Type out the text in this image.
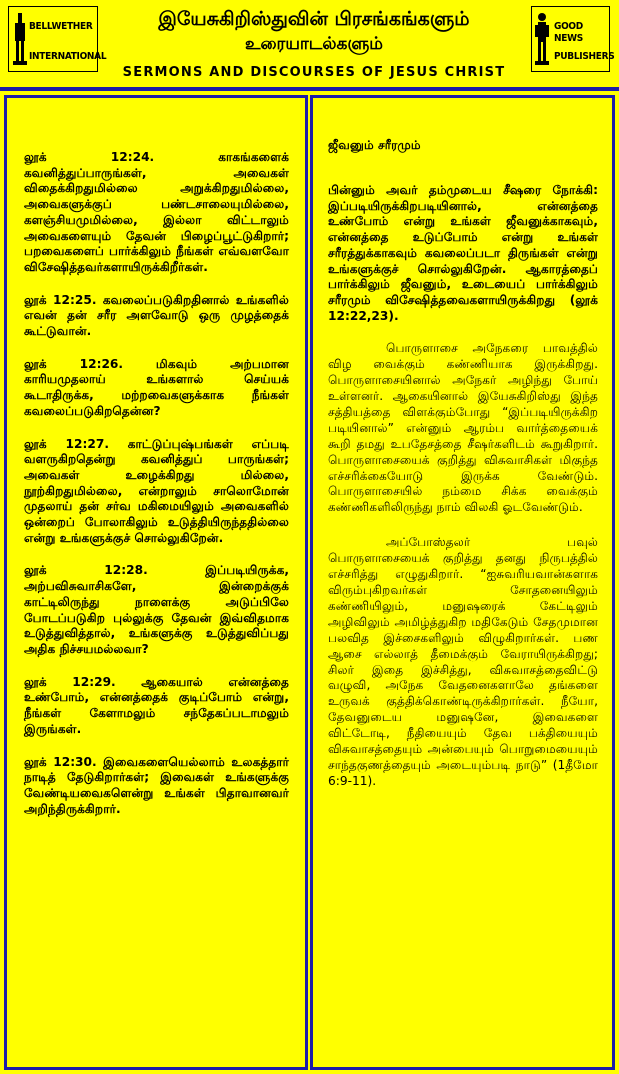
BELLWETHER
INTERNATIONAL
இயேசுகிறிஸ்துவின் பிரசங்கங்களும்
உரையாடல்களும்
SERMONS AND DISCOURSES OF JESUS CHRIST
GOOD NEWS
PUBLISHERS

லூக் 12:24. காகங்களைக் கவனித்துப்பாருங்கள், அவைகள் விதைக்கிறதுமில்லை அறுக்கிறதுமில்லை, அவைகளுக்குப் பண்டசாலையுமில்லை, களஞ்சியமுமில்லை, இல்லா விட்டாலும் அவைகளையும் தேவன் பிழைப்பூட்டுகிறார்; பறவைகளைப் பார்க்கிலும் நீங்கள் எவ்வளவோ விசேஷித்தவர்களாயிருக்கிறீர்கள்.

லூக் 12:25. கவலைப்படுகிறதினால் உங்களில் எவன் தன் சரீர அளவோடு ஒரு முழத்தைக் கூட்டுவான்.

லூக் 12:26. மிகவும் அற்பமான காரியமுதலாய் உங்களால் செய்யக் கூடாதிருக்க, மற்றவைகளுக்காக நீங்கள் கவலைப்படுகிறதென்ன?

லூக் 12:27. காட்டுப்புஷ்பங்கள் எப்படி வளருகிறதென்று கவனித்துப் பாருங்கள்; அவைகள் உழைக்கிறது மில்லை, நூற்கிறதுமில்லை, என்றாலும் சாலொமோன் முதலாய் தன் சர்வ மகிமையிலும் அவைகளில் ஒன்றைப் போலாகிலும் உடுத்தியிருந்ததில்லை என்று உங்களுக்குச் சொல்லுகிறேன்.

லூக் 12:28. இப்படியிருக்க, அற்பவிசுவாசிகளே, இன்றைக்குக் காட்டிலிருந்து நாளைக்கு அடுப்பிலே போடப்படுகிற புல்லுக்கு தேவன் இவ்விதமாக உடுத்துவித்தால், உங்களுக்கு உடுத்துவிப்பது அதிக நிச்சயமல்லவா?

லூக் 12:29. ஆகையால் என்னத்தை உண்போம், என்னத்தைக் குடிப்போம் என்று, நீங்கள் கேளாமலும் சந்தேகப்படாமலும் இருங்கள்.

லூக் 12:30. இவைகளையெல்லாம் உலகத்தார் நாடித் தேடுகிறார்கள்; இவைகள் உங்களுக்கு வேண்டியவைகளென்று உங்கள் பிதாவானவர் அறிந்திருக்கிறார்.

ஜீவனும் சரீரமும்

பின்னும் அவர் தம்முடைய சீஷரை நோக்கி: இப்படியிருக்கிறபடியினால், என்னத்தை உண்போம் என்று உங்கள் ஜீவனுக்காகவும், என்னத்தை உடுப்போம் என்று உங்கள் சரீரத்துக்காகவும் கவலைப்படா திருங்கள் என்று உங்களுக்குச் சொல்லுகிறேன். ஆகாரத்தைப் பார்க்கிலும் ஜீவனும், உடையைப் பார்க்கிலும் சரீரமும் விசேஷித்தவைகளாயிருக்கிறது (லூக் 12:22,23).

பொருளாசை அநேகரை பாவத்தில் விழ வைக்கும் கண்ணியாக இருக்கிறது. பொருளாசையினால் அநேகர் அழிந்து போய் உள்ளனர். ஆகையினால் இயேசுகிறிஸ்து இந்த சத்தியத்தை விளக்கும்போது “இப்படியிருக்கிற படியினால்” என்னும் ஆரம்ப வார்த்தையைக் கூறி தமது உபதேசத்தை சீஷர்களிடம் கூறுகிறார். பொருளாசையைக் குறித்து விசுவாசிகள் மிகுந்த எச்சரிக்கையோடு இருக்க வேண்டும். பொருளாசையில் நம்மை சிக்க வைக்கும் கண்ணிகளிலிருந்து நாம் விலகி ஓடவேண்டும்.

அப்போஸ்தலர் பவுல் பொருளாசையைக் குறித்து தனது நிருபத்தில் எச்சரித்து எழுதுகிறார். “ஐசுவரியவான்களாக விரும்புகிறவர்கள் சோதனையிலும் கண்ணியிலும், மனுஷரைக் கேட்டிலும் அழிவிலும் அமிழ்த்துகிற மதிகேடும் சேதமுமான பலவித இச்சைகளிலும் விழுகிறார்கள். பண ஆசை எல்லாத் தீமைக்கும் வேராயிருக்கிறது; சிலர் இதை இச்சித்து, விசுவாசத்தைவிட்டு வழுவி, அநேக வேதனைகளாலே தங்களை உருவக் குத்திக்கொண்டிருக்கிறார்கள். நீயோ, தேவனுடைய மனுஷனே, இவைகளை விட்டோடி, நீதியையும் தேவ பக்தியையும் விசுவாசத்தையும் அன்பையும் பொறுமையையும் சாந்தகுணத்தையும் அடையும்படி நாடு” (1தீமோ 6:9-11).
